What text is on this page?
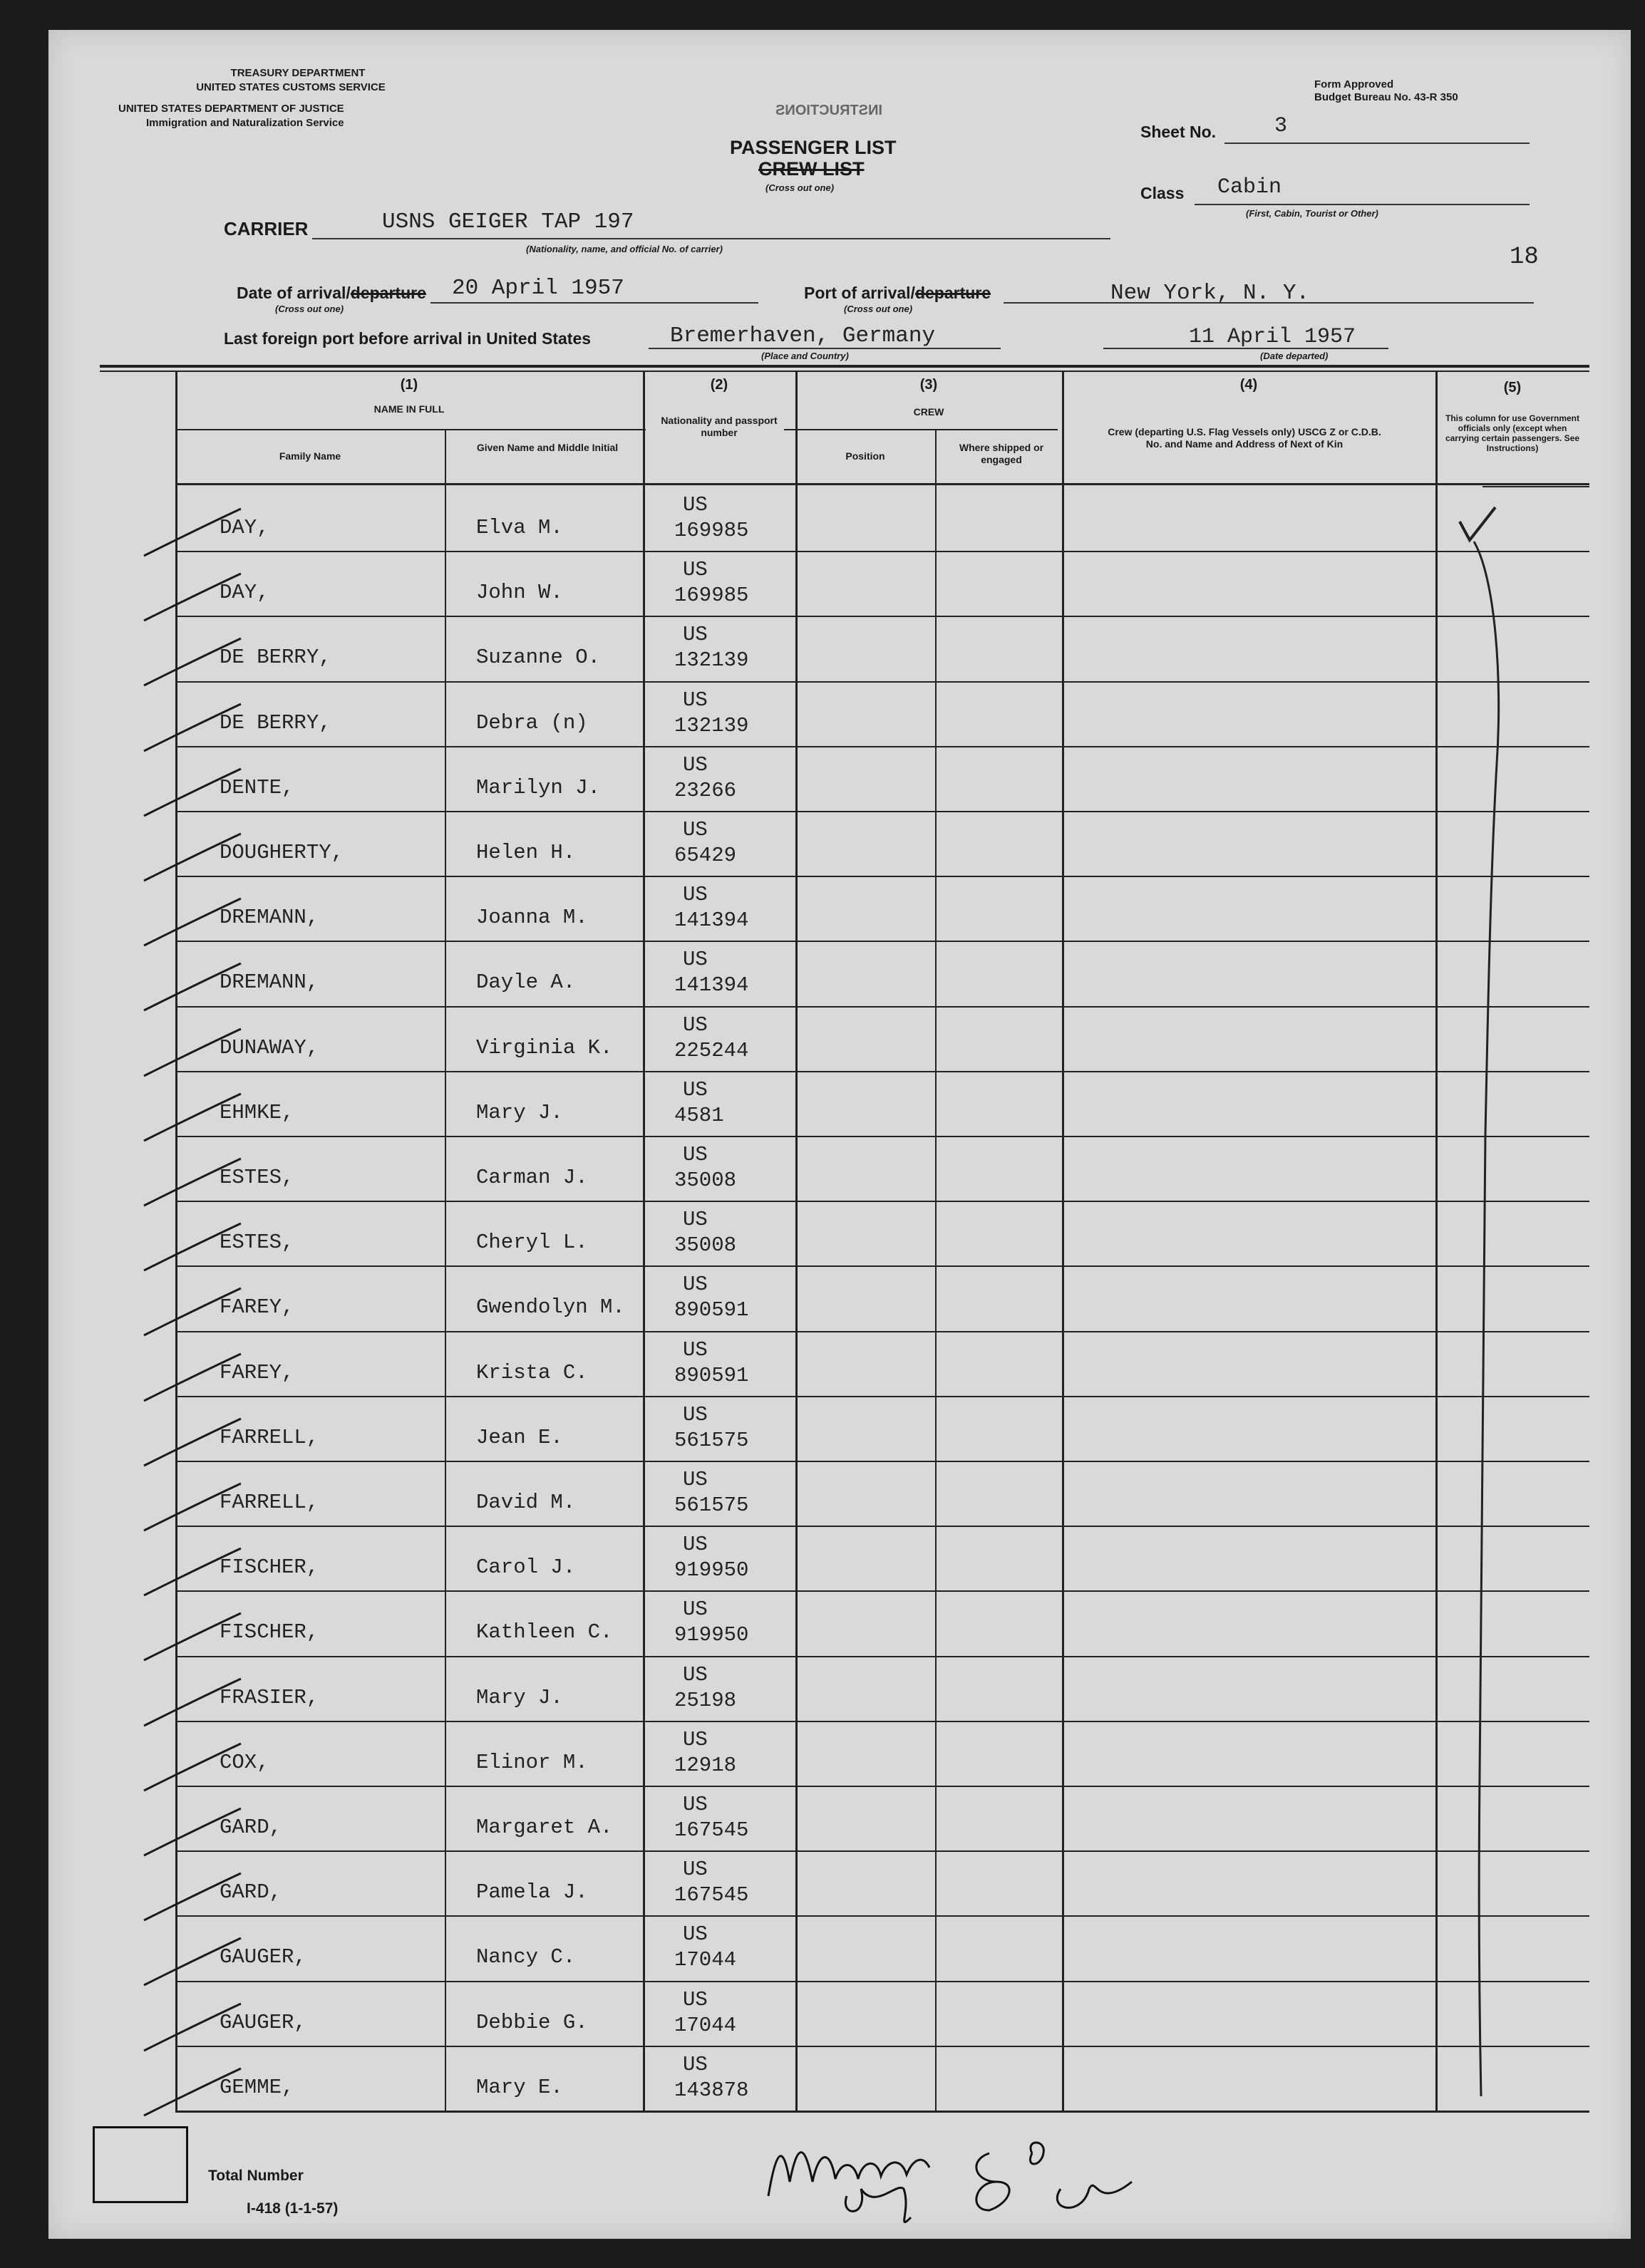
TREASURY DEPARTMENT
UNITED STATES CUSTOMS SERVICE
UNITED STATES DEPARTMENT OF JUSTICE
Immigration and Naturalization Service
Form Approved
Budget Bureau No. 43-R 350
INSTRUCTIONS
PASSENGER LIST
CREW LIST
(Cross out one)
Sheet No.	3
Class Cabin
(First, Cabin, Tourist or Other)
18
CARRIER	USNS GEIGER TAP 197
(Nationality, name, and official No. of carrier)
Date of arrival/departure 20 April 1957
(Cross out one)
Port of arrival/departure	New York, N. Y.
(Cross out one)
Last foreign port before arrival in United States	Bremerhaven, Germany
(Place and Country)
11 April 1957
(Date departed)
(1)
NAME IN FULL
Family Name
Given Name and Middle Initial
(2)
Nationality and passport number
(3)
CREW
Position
Where shipped or engaged
(4)
Crew (departing U.S. Flag Vessels only) USCG Z or C.D.B. No. and Name and Address of Next of Kin
(5)
This column for use Government officials only (except when carrying certain passengers. See Instructions)
DAY,	Elva M.
US
169985
DAY,	John W.
US
169985
DE BERRY,	Suzanne O.
US
132139
DE BERRY,	Debra (n)
US
132139
DENTE,	Marilyn J.
US
23266
DOUGHERTY,	Helen H.
US
65429
DREMANN,	Joanna M.
US
141394
DREMANN,	Dayle A.
US
141394
DUNAWAY,	Virginia K.
US
225244
EHMKE,	Mary J.
US
4581
ESTES,	Carman J.
US
35008
ESTES,	Cheryl L.
US
35008
FAREY,	Gwendolyn M.
US
890591
FAREY,	Krista C.
US
890591
FARRELL,	Jean E.
US
561575
FARRELL,	David M.
US
561575
FISCHER,	Carol J.
US
919950
FISCHER,	Kathleen C.
US
919950
FRASIER,	Mary J.
US
25198
COX,	Elinor M.
US
12918
GARD,	Margaret A.
US
167545
GARD,	Pamela J.
US
167545
GAUGER,	Nancy C.
US
17044
GAUGER,	Debbie G.
US
17044
GEMME,	Mary E.
US
143878
Total Number
I-418 (1-1-57)
